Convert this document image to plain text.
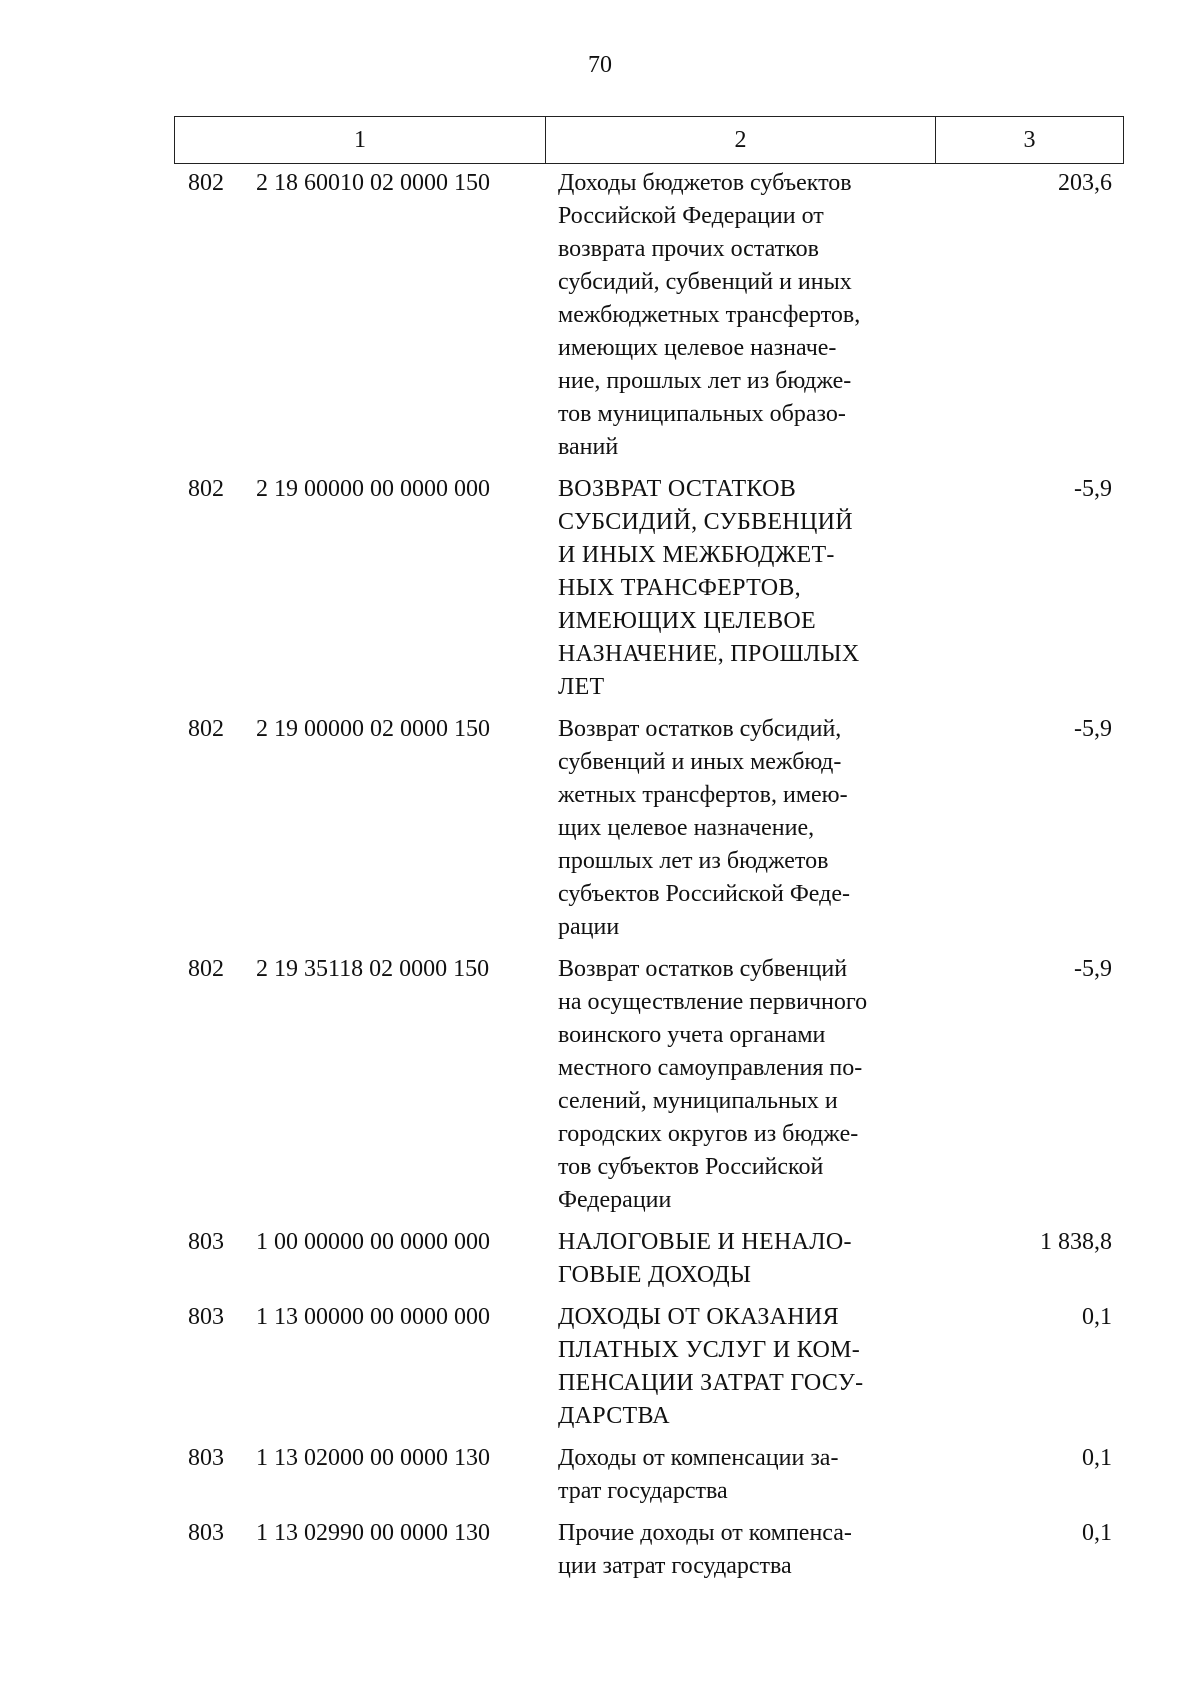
70
1	2	3
802 2 18 60010 02 0000 150	Доходы бюджетов субъектов
Российской Федерации от
возврата прочих остатков
субсидий, субвенций и иных
межбюджетных трансфертов,
имеющих целевое назначе-
ние, прошлых лет из бюдже-
тов муниципальных образо-
ваний
203,6
802 2 19 00000 00 0000 000	ВОЗВРАТ ОСТАТКОВ
СУБСИДИЙ, СУБВЕНЦИЙ
И ИНЫХ МЕЖБЮДЖЕТ-
НЫХ ТРАНСФЕРТОВ,
ИМЕЮЩИХ ЦЕЛЕВОЕ
НАЗНАЧЕНИЕ, ПРОШЛЫХ
ЛЕТ
-5,9
802 2 19 00000 02 0000 150	Возврат остатков субсидий,
субвенций и иных межбюд-
жетных трансфертов, имею-
щих целевое назначение,
прошлых лет из бюджетов
субъектов Российской Феде-
рации
-5,9
802 2 19 35118 02 0000 150	Возврат остатков субвенций
на осуществление первичного
воинского учета органами
местного самоуправления по-
селений, муниципальных и
городских округов из бюдже-
тов субъектов Российской
Федерации
-5,9
803 1 00 00000 00 0000 000	НАЛОГОВЫЕ И НЕНАЛО-
ГОВЫЕ ДОХОДЫ
1 838,8
803 1 13 00000 00 0000 000	ДОХОДЫ ОТ ОКАЗАНИЯ
ПЛАТНЫХ УСЛУГ И КОМ-
ПЕНСАЦИИ ЗАТРАТ ГОСУ-
ДАРСТВА
0,1
803 1 13 02000 00 0000 130	Доходы от компенсации за-
трат государства
0,1
803 1 13 02990 00 0000 130	Прочие доходы от компенса-
ции затрат государства
0,1
